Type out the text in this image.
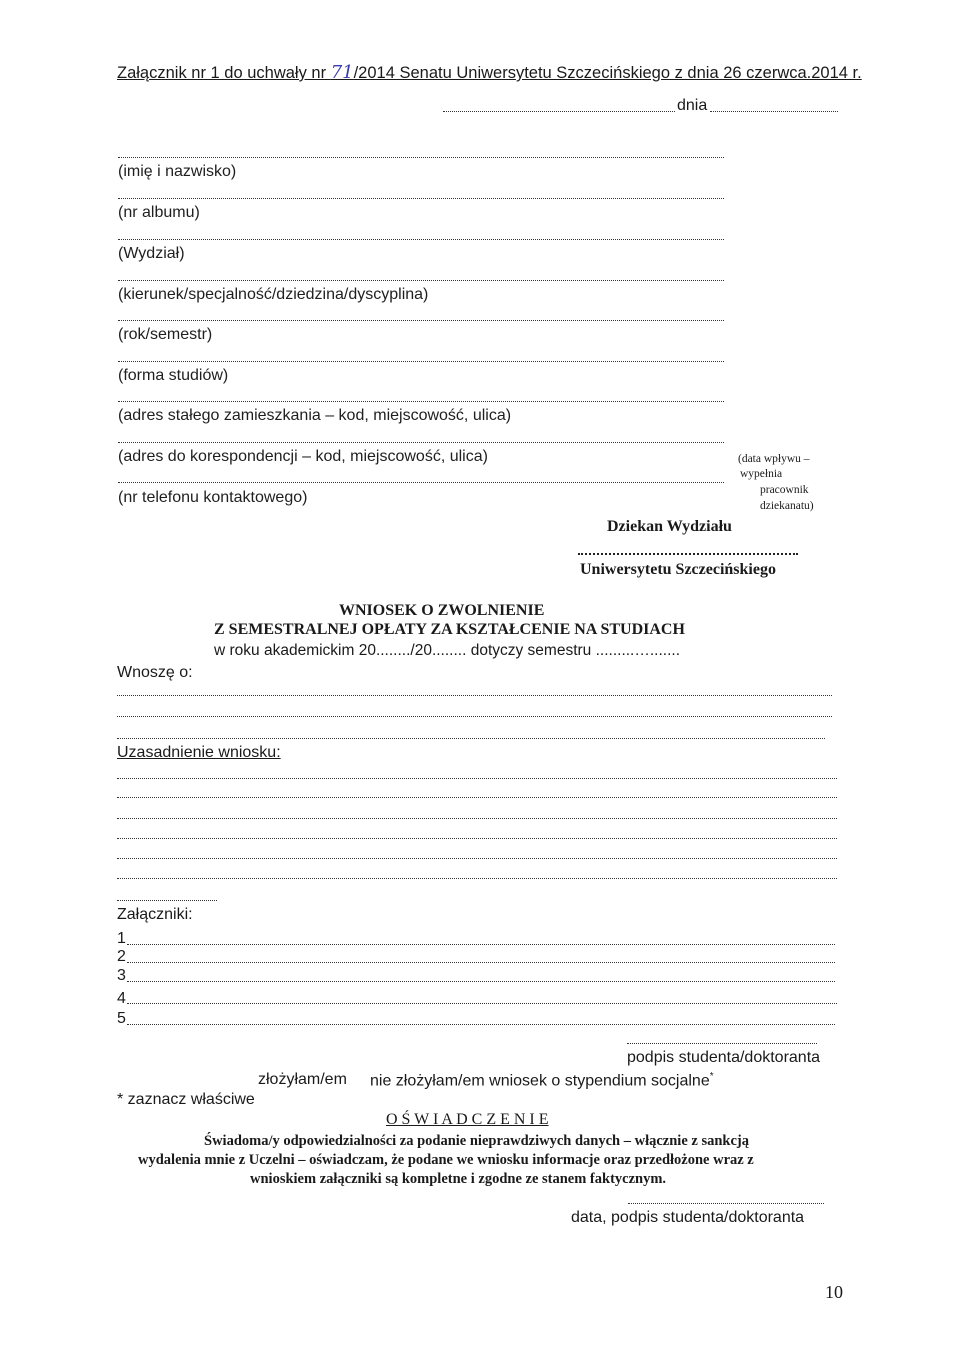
Załącznik nr 1 do uchwały nr 71/2014 Senatu Uniwersytetu Szczecińskiego z dnia 26 czerwca.2014 r.
dnia
(imię i nazwisko)
(nr albumu)
(Wydział)
(kierunek/specjalność/dziedzina/dyscyplina)
(rok/semestr)
(forma studiów)
(adres stałego zamieszkania – kod, miejscowość, ulica)
(adres do korespondencji – kod, miejscowość, ulica)
(nr telefonu kontaktowego)
(data wpływu –
wypełnia
pracownik
dziekanatu)
Dziekan Wydziału
Uniwersytetu Szczecińskiego
WNIOSEK O ZWOLNIENIE
Z SEMESTRALNEJ OPŁATY ZA KSZTAŁCENIE NA STUDIACH
w roku akademickim 20......../20........ dotyczy semestru .........….......
Wnoszę o:
Uzasadnienie wniosku:
Załączniki:
1
2
3
4
5
podpis studenta/doktoranta
złożyłam/em nie złożyłam/em wniosek o stypendium socjalne*
* zaznacz właściwe
O Ś W I A D C Z E N I E
Świadoma/y odpowiedzialności za podanie nieprawdziwych danych – włącznie z sankcją
wydalenia mnie z Uczelni – oświadczam, że podane we wniosku informacje oraz przedłożone wraz z
wnioskiem załączniki są kompletne i zgodne ze stanem faktycznym.
data, podpis studenta/doktoranta
10
